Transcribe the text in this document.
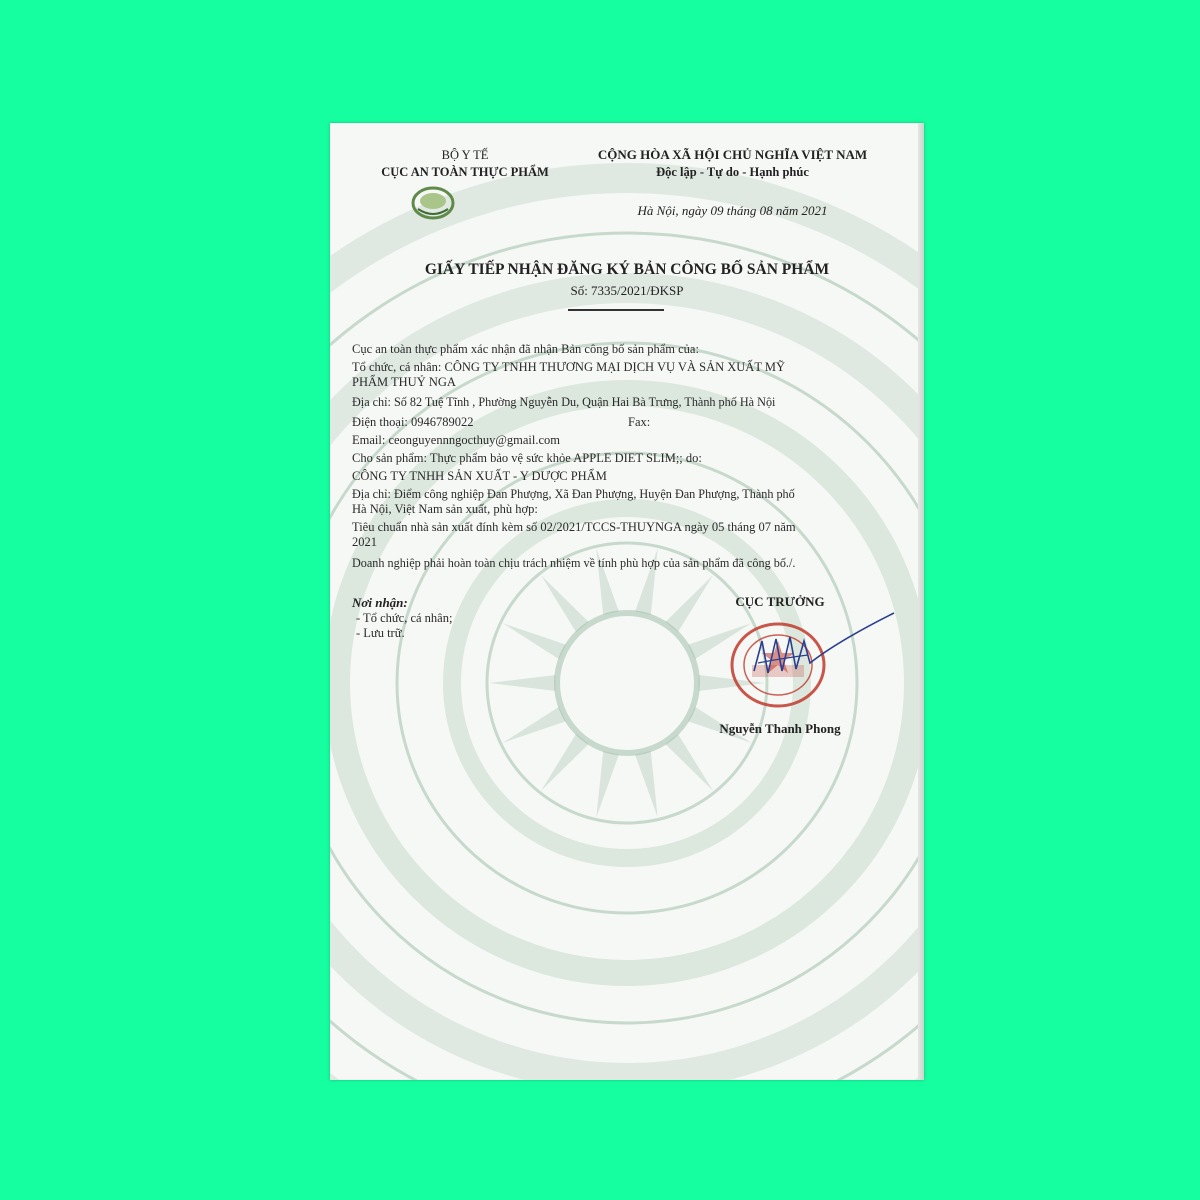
BỘ Y TẾ
CỤC AN TOÀN THỰC PHẨM
CỘNG HÒA XÃ HỘI CHỦ NGHĨA VIỆT NAM
Độc lập - Tự do - Hạnh phúc
Hà Nội, ngày 09 tháng 08 năm 2021
GIẤY TIẾP NHẬN ĐĂNG KÝ BẢN CÔNG BỐ SẢN PHẨM
Số: 7335/2021/ĐKSP
Cục an toàn thực phẩm xác nhận đã nhận Bản công bố sản phẩm của:
Tổ chức, cá nhân: CÔNG TY TNHH THƯƠNG MẠI DỊCH VỤ VÀ SẢN XUẤT MỸ
PHẨM THUỶ NGA
Địa chỉ: Số 82 Tuệ Tĩnh , Phường Nguyễn Du, Quận Hai Bà Trưng, Thành phố Hà Nội
Điện thoại: 0946789022	Fax:
Email: ceonguyennngocthuy@gmail.com
Cho sản phẩm: Thực phẩm bảo vệ sức khỏe APPLE DIET SLIM;; do:
CÔNG TY TNHH SẢN XUẤT - Y DƯỢC PHẨM
Địa chỉ: Điểm công nghiệp Đan Phượng, Xã Đan Phượng, Huyện Đan Phượng, Thành phố
Hà Nội, Việt Nam sản xuất, phù hợp:
Tiêu chuẩn nhà sản xuất đính kèm số 02/2021/TCCS-THUYNGA ngày 05 tháng 07 năm
2021
Doanh nghiệp phải hoàn toàn chịu trách nhiệm về tính phù hợp của sản phẩm đã công bố./.
Nơi nhận:
- Tổ chức, cá nhân;
- Lưu trữ.
CỤC TRƯỞNG
Nguyễn Thanh Phong
